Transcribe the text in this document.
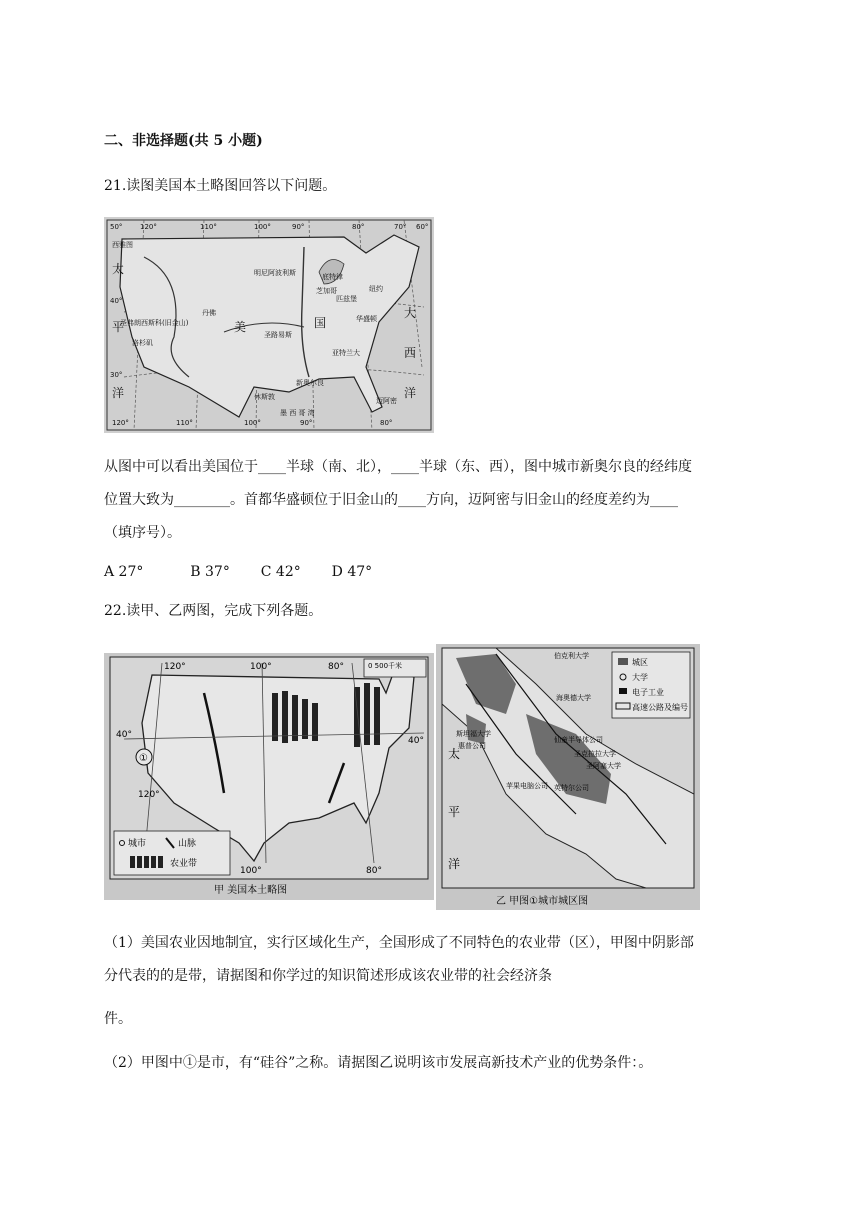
二、非选择题(共 5 小题)
21.读图美国本土略图回答以下问题。
50°	120°	110°	100°	90°	80°	70° 60°
120°	110°	100°	90°	80°
40°
30°
太
平
洋
大
西
洋
美	国
墨 西 哥 湾
西雅图
明尼阿波利斯
芝加哥
底特律
匹兹堡
纽约
华盛顿
丹佛
圣路易斯
亚特兰大
圣弗朗西斯科(旧金山)
洛杉矶
休斯敦
新奥尔良
迈阿密
从图中可以看出美国位于____半球（南、北），____半球（东、西），图中城市新奥尔良的经纬度
位置大致为________。首都华盛顿位于旧金山的____方向，迈阿密与旧金山的经度差约为____
（填序号）。
A 27°	B 37° C 42° D 47°
22.读甲、乙两图，完成下列各题。
①
120°	100°	80°
120°
100°	80°
40°
40°
0 500千米
城市	山脉
农业带
甲 美国本土略图
城区
大学
电子工业
高速公路及编号
伯克利大学
海奥德大学
斯坦福大学
惠普公司
仙童半导体公司
圣克拉拉大学
圣阿塞大学
苹果电脑公司 英特尔公司
太
平
洋
乙 甲图①城市城区图
（1）美国农业因地制宜，实行区域化生产，全国形成了不同特色的农业带（区），甲图中阴影部
分代表的的是带，请据图和你学过的知识简述形成该农业带的社会经济条
件。
（2）甲图中①是市，有“硅谷”之称。请据图乙说明该市发展高新技术产业的优势条件：。
